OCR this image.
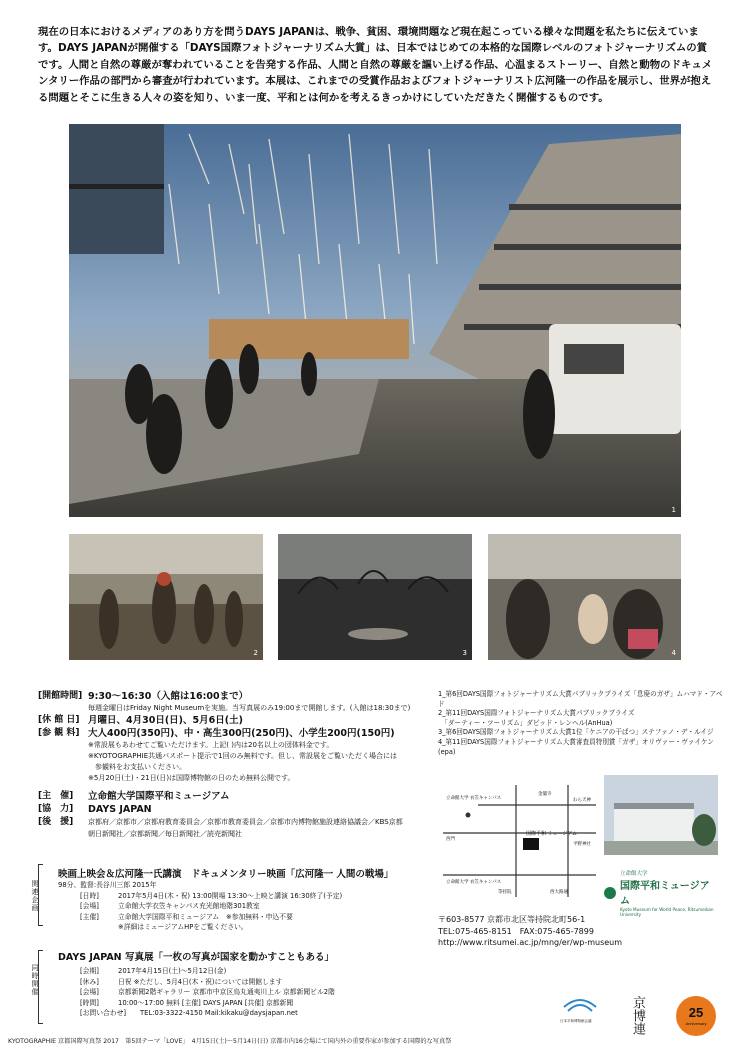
現在の日本におけるメディアのあり方を問うDAYS JAPANは、戦争、貧困、環境問題など現在起こっている様々な問題を私たちに伝えています。DAYS JAPANが開催する「DAYS国際フォトジャーナリズム大賞」は、日本ではじめての本格的な国際レベルのフォトジャーナリズムの賞です。人間と自然の尊厳が奪われていることを告発する作品、人間と自然の尊厳を謳い上げる作品、心温まるストーリー、自然と動物のドキュメンタリー作品の部門から審査が行われています。本展は、これまでの受賞作品およびフォトジャーナリスト広河隆一の作品を展示し、世界が抱える問題とそこに生きる人々の姿を知り、いま一度、平和とは何かを考えるきっかけにしていただきたく開催するものです。
1
2	3	4
[開館時間] 9:30〜16:30（入館は16:00まで）
毎週金曜日はFriday Night Museumを実施。当写真展のみ19:00まで開館します。(入館は18:30まで)
[休 館 日] 月曜日、4月30日(日)、5月6日(土)
[参 観 料] 大人400円(350円)、中・高生300円(250円)、小学生200円(150円)
※常設展もあわせてご覧いただけます。上記( )内は20名以上の団体料金です。
※KYOTOGRAPHIE共通パスポート提示で1回のみ無料です。但し、常設展をご覧いただく場合には
　参観料をお支払いください。
※5月20日(土)・21日(日)は国際博物館の日のため無料公開です。
[主　催]	立命館大学国際平和ミュージアム
[協　力]	DAYS JAPAN
[後　援]	京都府／京都市／京都府教育委員会／京都市教育委員会／京都市内博物館施設連絡協議会／KBS京都
朝日新聞社／京都新聞／毎日新聞社／読売新聞社
関連企画
映画上映会＆広河隆一氏講演　ドキュメンタリー映画「広河隆一 人間の戦場」
98分、監督:長谷川三郎 2015年
[日時]	2017年5月4日(木・祝) 13:00開場 13:30〜上映と講演 16:30終了(予定)
[会場]	立命館大学衣笠キャンパス充光館地階301教室
[主催]	立命館大学国際平和ミュージアム　※参加無料・申込不要
※詳細はミュージアムHPをご覧ください。
同時開催
DAYS JAPAN 写真展「一枚の写真が国家を動かすこともある」
[会期]	2017年4月15日(土)〜5月12日(金)
[休み]	日祝 ※ただし、5月4日(木・祝)については開館します
[会場]	京都新聞2階ギャラリー 京都市中京区烏丸通夷川上ル 京都新聞ビル2階
[時間]	10:00〜17:00 無料 [主催] DAYS JAPAN [共催] 京都新聞
[お問い合わせ]	TEL:03-3322-4150 Mail:kikaku@daysjapan.net
1_第6回DAYS国際フォトジャーナリズム大賞パブリックプライズ「息廃のガザ」ムハマド・アベド
2_第11回DAYS国際フォトジャーナリズム大賞パブリックプライズ
　「ダーティー・ツーリズム」ダビッド・レンヘル(AnHua)
3_第6回DAYS国際フォトジャーナリズム大賞1位「ケニアの干ばつ」ステファノ・デ・ルイジ
4_第11回DAYS国際フォトジャーナリズム大賞審査員特別賞「ガザ」オリヴァー・ヴァイケン(epa)
国際平和 ミュージアム
立命館大学 衣笠キャンパス
金閣寺
わら天神
西門
平野神社
立命館大学 衣笠キャンパス
等持院	西大路通
立命館大学
国際平和ミュージアム
Kyoto Museum for World Peace, Ritsumeikan University
〒603-8577 京都市北区等持院北町56-1
TEL:075-465-8151　FAX:075-465-7899
http://www.ritsumei.ac.jp/mng/er/wp-museum
日本平和博物館会議	京博連	25
Anniversary
KYOTOGRAPHIE 京都国際写真祭 2017　第5回テーマ「LOVE」　4月15日(土)〜5月14日(日) 京都市内16会場にて国内外の重要作家が参加する国際的な写真祭
